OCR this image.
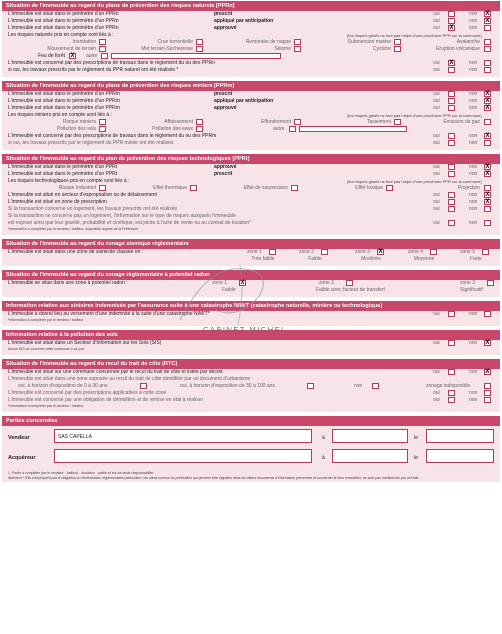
Situation de l'immeuble au regard du plans de prévention des risques naturels [PPRn]
L'immeuble est situé dans le périmètre d'un PPRn	prescrit	oui	non X
L'immeuble est situé dans le périmètre d'un PPRn	appliqué par anticipation	oui	non X
L'immeuble est situé dans le périmètre d'un PPRn	approuvé	oui X	non
Les risques naturels pris en compte sont liés à :	(les risques grisés ne font pas l'objet d'une procédure PPR sur la commune)
Inondation	Crue torrentielle	Remontée de nappe	Submersion marine	Avalanche
Mouvement de terrain	Mvt terrain-Sécheresse	Séisme	Cyclone	Eruption volcanique
Feu de forêt X	autre
L'immeuble est concerné par des prescriptions de travaux dans le règlement du ou des PPRn	oui X	non
si oui, les travaux prescrits par le règlement du PPR naturel ont été réalisés *	oui	non
Situation de l'immeuble au regard du plans de prévention des risques miniers [PPRm]
L'immeuble est situé dans le périmètre d'un PPRm	prescrit	oui	non X
L'immeuble est situé dans le périmètre d'un PPRm	appliqué par anticipation	oui	non X
L'immeuble est situé dans le périmètre d'un PPRm	approuvé	oui	non X
Les risques miniers pris en compte sont liés à :	(les risques grisés ne font pas l'objet d'une procédure PPR sur la commune)
Risque miniers	Affaissement	Effondrement	Tassement	Emission de gaz
Pollution des sols	Pollution des eaux	autre
L'immeuble est concerné par des prescriptions de travaux dans le règlement du ou des PPRm	oui	non X
si oui, les travaux prescrits par le règlement du PPR minier ont été réalisés	oui	non
Situation de l'immeuble au regard du plan de prévention des risques technologiques [PPRt]
L'immeuble est situé dans le périmètre d'un PPRt	approuvé	oui	non X
L'immeuble est situé dans le périmètre d'un PPRt	prescrit	oui	non X
Les risques technologiques pris en compte sont liés à :	(les risques grisés ne font pas l'objet d'une procédure PPR sur la commune)
Risque Industriel	Effet thermique	Effet de surpression	Effet toxique	Projection
L'immeuble est situé en secteur d'expropriation ou de délaissement	oui	non X
L'immeuble est situé en zone de prescription	oui	non X
Si la transaction concerne un logement, les travaux prescrits ont été réalisés	oui	non
Si la transaction ne concerne pas un logement, l'information sur le type de risques auxquels l'immeuble
est exposé ainsi que leur gravité, probabilité et cinétique, est jointe à l'acte de vente ou au contrat de location*	oui	non
*information à compléter par le vendeur / bailleur, disponible auprès de la Préfecture
Situation de l'immeuble au regard du zonage sismique règlementaire
L'immeuble est situé dans une zone de sismicité classée en :	zone 1	zone 2	zone 3 X	zone 4	zone 5
Très faible	Faible	Modérée	Moyenne	Forte
Situation de l'immeuble au regard du zonage règlementaire à potentiel radon
L'immeuble se situe dans une zone à potentiel radon :	zone 1 X	zone 2	zone 3
Faible	Faible avec facteur de transfert	Significatif
Information relative aux sinistres indemnisés par l'assurance suite à une catastrophe N/M/T (catastrophe naturelle, minière ou technologique)
L'immeuble a donné lieu au versement d'une indemnité à la suite d'une catastrophe N/M/T*	oui	non
*information à compléter par le vendeur / bailleur
Information relative à la pollution des sols
L'immeuble est situé dans un Secteur d'Information sur les Sols (SIS)	oui	non X
Aucun SIS ne concerne cette commune à ce jour
Situation de l'immeuble au regard du recul du trait de côte (RTC)
L'immeuble est situé sur une commune concernée par le recul du trait de côte et listée par décret	oui	non X
L'immeuble est situé dans une zone exposée au recul du trait de côte identifiée par un document d'urbanisme :
oui, à horizon d'exposition de 0 à 30 ans	oui, à horizon d'exposition de 30 à 100 ans	non	zonage indisponible
L'immeuble est concerné par des prescriptions applicables à cette zone	oui	non
L'immeuble est concerné par une obligation de démolition et de remise en état à réaliser	oui	non
*information à compléter par le vendeur / bailleur
Parties concernées
Vendeur	SAS CAPELLA	à	le
Acquéreur	à	le
1. Partie à compléter par le vendeur - bailleur - donateur - partie et sur sa seule responsabilité
Attention ! S'ils n'impliquent pas d'obligation ou d'interdiction réglementaire particulière, les aléas connus ou prévisibles qui peuvent être signalés dans les divers documents d'information préventive et concerner le bien immobilier, ne sont pas mentionnés par cet état.
CABINET MICHEL
